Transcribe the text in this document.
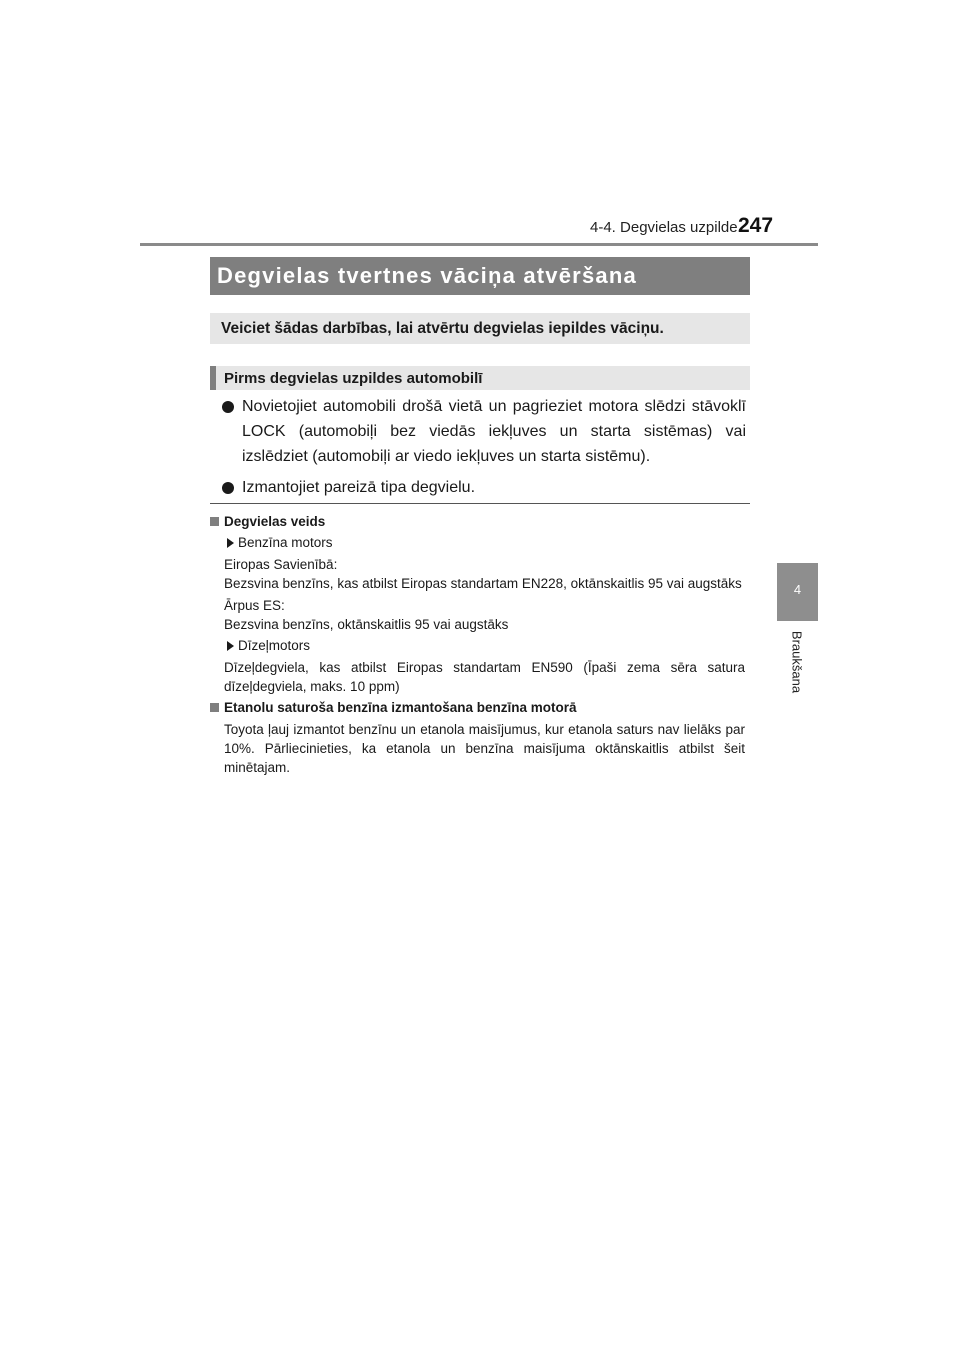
4-4. Degvielas uzpilde 247
4
Braukšana
Degvielas tvertnes vāciņa atvēršana
Veiciet šādas darbības, lai atvērtu degvielas iepildes vāciņu.
Pirms degvielas uzpildes automobilī
Novietojiet automobili drošā vietā un pagrieziet motora slēdzi stāvoklī LOCK (automobiļi bez viedās iekļuves un starta sistēmas) vai izslēdziet (automobiļi ar viedo iekļuves un starta sistēmu).
Izmantojiet pareizā tipa degvielu.
Degvielas veids
Benzīna motors
Eiropas Savienībā:
Bezsvina benzīns, kas atbilst Eiropas standartam EN228, oktānskaitlis 95 vai augstāks
Ārpus ES:
Bezsvina benzīns, oktānskaitlis 95 vai augstāks
Dīzeļmotors
Dīzeļdegviela, kas atbilst Eiropas standartam EN590 (Īpaši zema sēra satura dīzeļdegviela, maks. 10 ppm)
Etanolu saturoša benzīna izmantošana benzīna motorā
Toyota ļauj izmantot benzīnu un etanola maisījumus, kur etanola saturs nav lielāks par 10%. Pārliecinieties, ka etanola un benzīna maisījuma oktānskaitlis atbilst šeit minētajam.
